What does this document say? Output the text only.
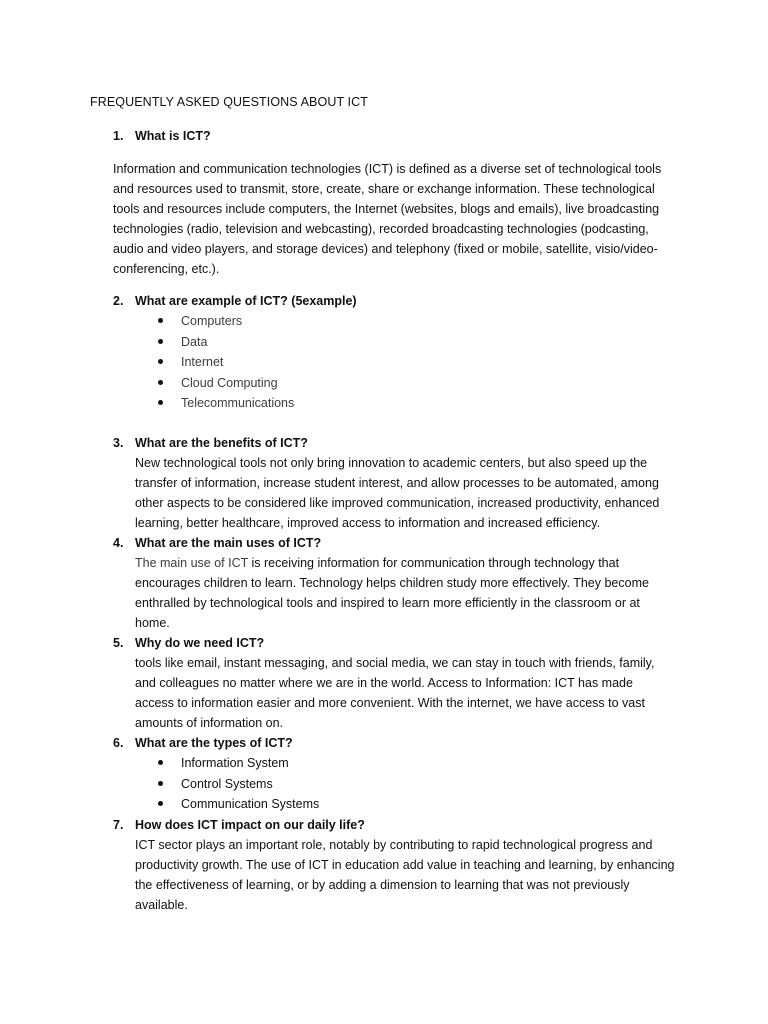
FREQUENTLY ASKED QUESTIONS ABOUT ICT
1. What is ICT?
Information and communication technologies (ICT) is defined as a diverse set of technological tools and resources used to transmit, store, create, share or exchange information. These technological tools and resources include computers, the Internet (websites, blogs and emails), live broadcasting technologies (radio, television and webcasting), recorded broadcasting technologies (podcasting, audio and video players, and storage devices) and telephony (fixed or mobile, satellite, visio/video-conferencing, etc.).
2. What are example of ICT? (5example)
Computers
Data
Internet
Cloud Computing
Telecommunications
3. What are the benefits of ICT?
New technological tools not only bring innovation to academic centers, but also speed up the transfer of information, increase student interest, and allow processes to be automated, among other aspects to be considered like improved communication, increased productivity, enhanced learning, better healthcare, improved access to information and increased efficiency.
4. What are the main uses of ICT?
The main use of ICT is receiving information for communication through technology that encourages children to learn. Technology helps children study more effectively. They become enthralled by technological tools and inspired to learn more efficiently in the classroom or at home.
5. Why do we need ICT?
tools like email, instant messaging, and social media, we can stay in touch with friends, family, and colleagues no matter where we are in the world. Access to Information: ICT has made access to information easier and more convenient. With the internet, we have access to vast amounts of information on.
6. What are the types of ICT?
Information System
Control Systems
Communication Systems
7. How does ICT impact on our daily life?
ICT sector plays an important role, notably by contributing to rapid technological progress and productivity growth. The use of ICT in education add value in teaching and learning, by enhancing the effectiveness of learning, or by adding a dimension to learning that was not previously available.
